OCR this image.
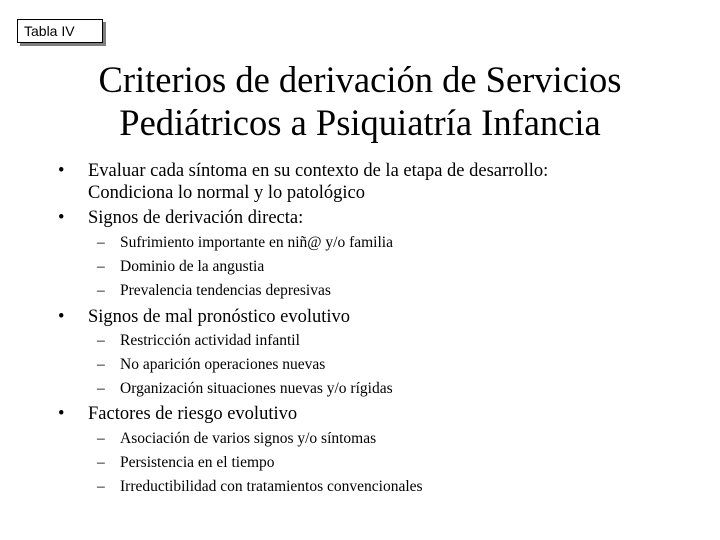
Tabla IV
Criterios de derivación de Servicios
Pediátricos a Psiquiatría Infancia
• Evaluar cada síntoma en su contexto de la etapa de desarrollo:
Condiciona lo normal y lo patológico
• Signos de derivación directa:
– Sufrimiento importante en niñ@ y/o familia
– Dominio de la angustia
– Prevalencia tendencias depresivas
• Signos de mal pronóstico evolutivo
– Restricción actividad infantil
– No aparición operaciones nuevas
– Organización situaciones nuevas y/o rígidas
• Factores de riesgo evolutivo
– Asociación de varios signos y/o síntomas
– Persistencia en el tiempo
– Irreductibilidad con tratamientos convencionales
